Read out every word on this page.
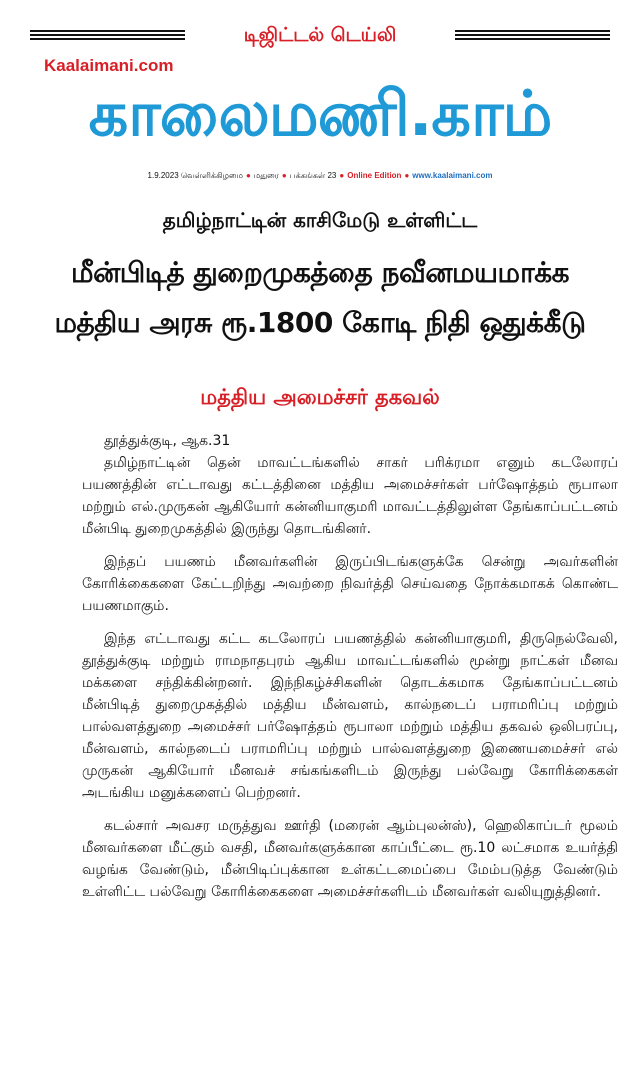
டிஜிட்டல் டெய்லி
Kaalaimani.com
காலைமணி.காம்
1.9.2023 வெள்ளிக்கிழமை ● மதுரை ● பக்கங்கள் 23 ● Online Edition ● www.kaalaimani.com
தமிழ்நாட்டின் காசிமேடு உள்ளிட்ட
மீன்பிடித் துறைமுகத்தை நவீனமயமாக்க
மத்திய அரசு ரூ.1800 கோடி நிதி ஒதுக்கீடு
மத்திய அமைச்சர் தகவல்
தூத்துக்குடி, ஆக.31

தமிழ்நாட்டின் தென் மாவட்டங்களில் சாகர் பரிக்ரமா எனும் கடலோரப் பயணத்தின் எட்டாவது கட்டத்தினை மத்திய அமைச்சர்கள் பர்ஷோத்தம் ரூபாலா மற்றும் எல்.முருகன் ஆகியோர் கன்னியாகுமரி மாவட்டத்திலுள்ள தேங்காப்பட்டனம் மீன்பிடி துறைமுகத்தில் இருந்து தொடங்கினர்.

இந்தப் பயணம் மீனவர்களின் இருப்பிடங்களுக்கே சென்று அவர்களின் கோரிக்கைகளை கேட்டறிந்து அவற்றை நிவர்த்தி செய்வதை நோக்கமாகக் கொண்ட பயணமாகும்.

இந்த எட்டாவது கட்ட கடலோரப் பயணத்தில் கன்னியாகுமரி, திருநெல்வேலி, தூத்துக்குடி மற்றும் ராமநாதபுரம் ஆகிய மாவட்டங்களில் மூன்று நாட்கள் மீனவ மக்களை சந்திக்கின்றனர். இந்நிகழ்ச்சிகளின் தொடக்கமாக தேங்காப்பட்டனம் மீன்பிடித் துறைமுகத்தில் மத்திய மீன்வளம், கால்நடைப் பராமரிப்பு மற்றும் பால்வளத்துறை அமைச்சர் பர்ஷோத்தம் ரூபாலா மற்றும் மத்திய தகவல் ஒலிபரப்பு, மீன்வளம், கால்நடைப் பராமரிப்பு மற்றும் பால்வளத்துறை இணையமைச்சர் எல் முருகன் ஆகியோர் மீனவச் சங்கங்களிடம் இருந்து பல்வேறு கோரிக்கைகள் அடங்கிய மனுக்களைப் பெற்றனர்.

கடல்சார் அவசர மருத்துவ ஊர்தி (மரைன் ஆம்புலன்ஸ்), ஹெலிகாப்டர் மூலம் மீனவர்களை மீட்கும் வசதி, மீனவர்களுக்கான காப்பீட்டை ரூ.10 லட்சமாக உயர்த்தி வழங்க வேண்டும், மீன்பிடிப்புக்கான உள்கட்டமைப்பை மேம்படுத்த வேண்டும் உள்ளிட்ட பல்வேறு கோரிக்கைகளை அமைச்சர்களிடம் மீனவர்கள் வலியுறுத்தினர்.
